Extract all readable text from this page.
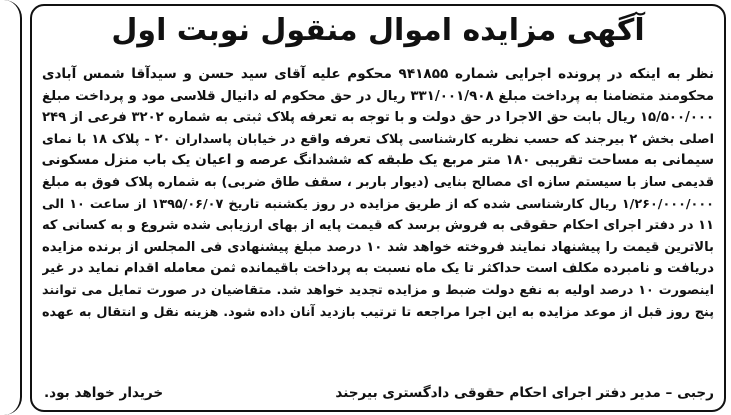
آگهی مزایده اموال منقول نوبت اول
نظر به اینکه در پرونده اجرایی شماره ۹۴۱۸۵۵ محکوم علیه آقای سید حسن و سیدآقا شمس آبادی
محکومند متضامنا به پرداخت مبلغ ۳۳۱/۰۰۱/۹۰۸ ریال در حق محکوم له دانیال قلاسی مود و پرداخت مبلغ
۱۵/۵۰۰/۰۰۰ ریال بابت حق الاجرا در حق دولت و با توجه به تعرفه پلاک ثبتی به شماره ۳۲۰۲ فرعی از ۲۴۹
اصلی بخش ۲ بیرجند که حسب نظریه کارشناسی پلاک تعرفه واقع در خیابان پاسداران ۲۰ - پلاک ۱۸ با نمای
سیمانی به مساحت تقریبی ۱۸۰ متر مربع یک طبقه که ششدانگ عرصه و اعیان یک باب منزل مسکونی
قدیمی ساز با سیستم سازه ای مصالح بنایی (دیوار باربر ، سقف طاق ضربی) به شماره پلاک فوق به مبلغ
۱/۲۶۰/۰۰۰/۰۰۰ ریال کارشناسی شده که از طریق مزایده در روز یکشنبه تاریخ ۱۳۹۵/۰۶/۰۷ از ساعت ۱۰ الی
۱۱ در دفتر اجرای احکام حقوقی به فروش برسد که قیمت پایه از بهای ارزیابی شده شروع و به کسانی که
بالاترین قیمت را پیشنهاد نمایند فروخته خواهد شد ۱۰ درصد مبلغ پیشنهادی فی المجلس از برنده مزایده
دریافت و نامبرده مکلف است حداکثر تا یک ماه نسبت به پرداخت باقیمانده ثمن معامله اقدام نماید در غیر
اینصورت ۱۰ درصد اولیه به نفع دولت ضبط و مزایده تجدید خواهد شد. متقاضیان در صورت تمایل می توانند
پنج روز قبل از موعد مزایده به این اجرا مراجعه تا ترتیب بازدید آنان داده شود. هزینه نقل و انتقال به عهده
رجبی – مدیر دفتر اجرای احکام حقوقی دادگستری بیرجند
خریدار خواهد بود.
